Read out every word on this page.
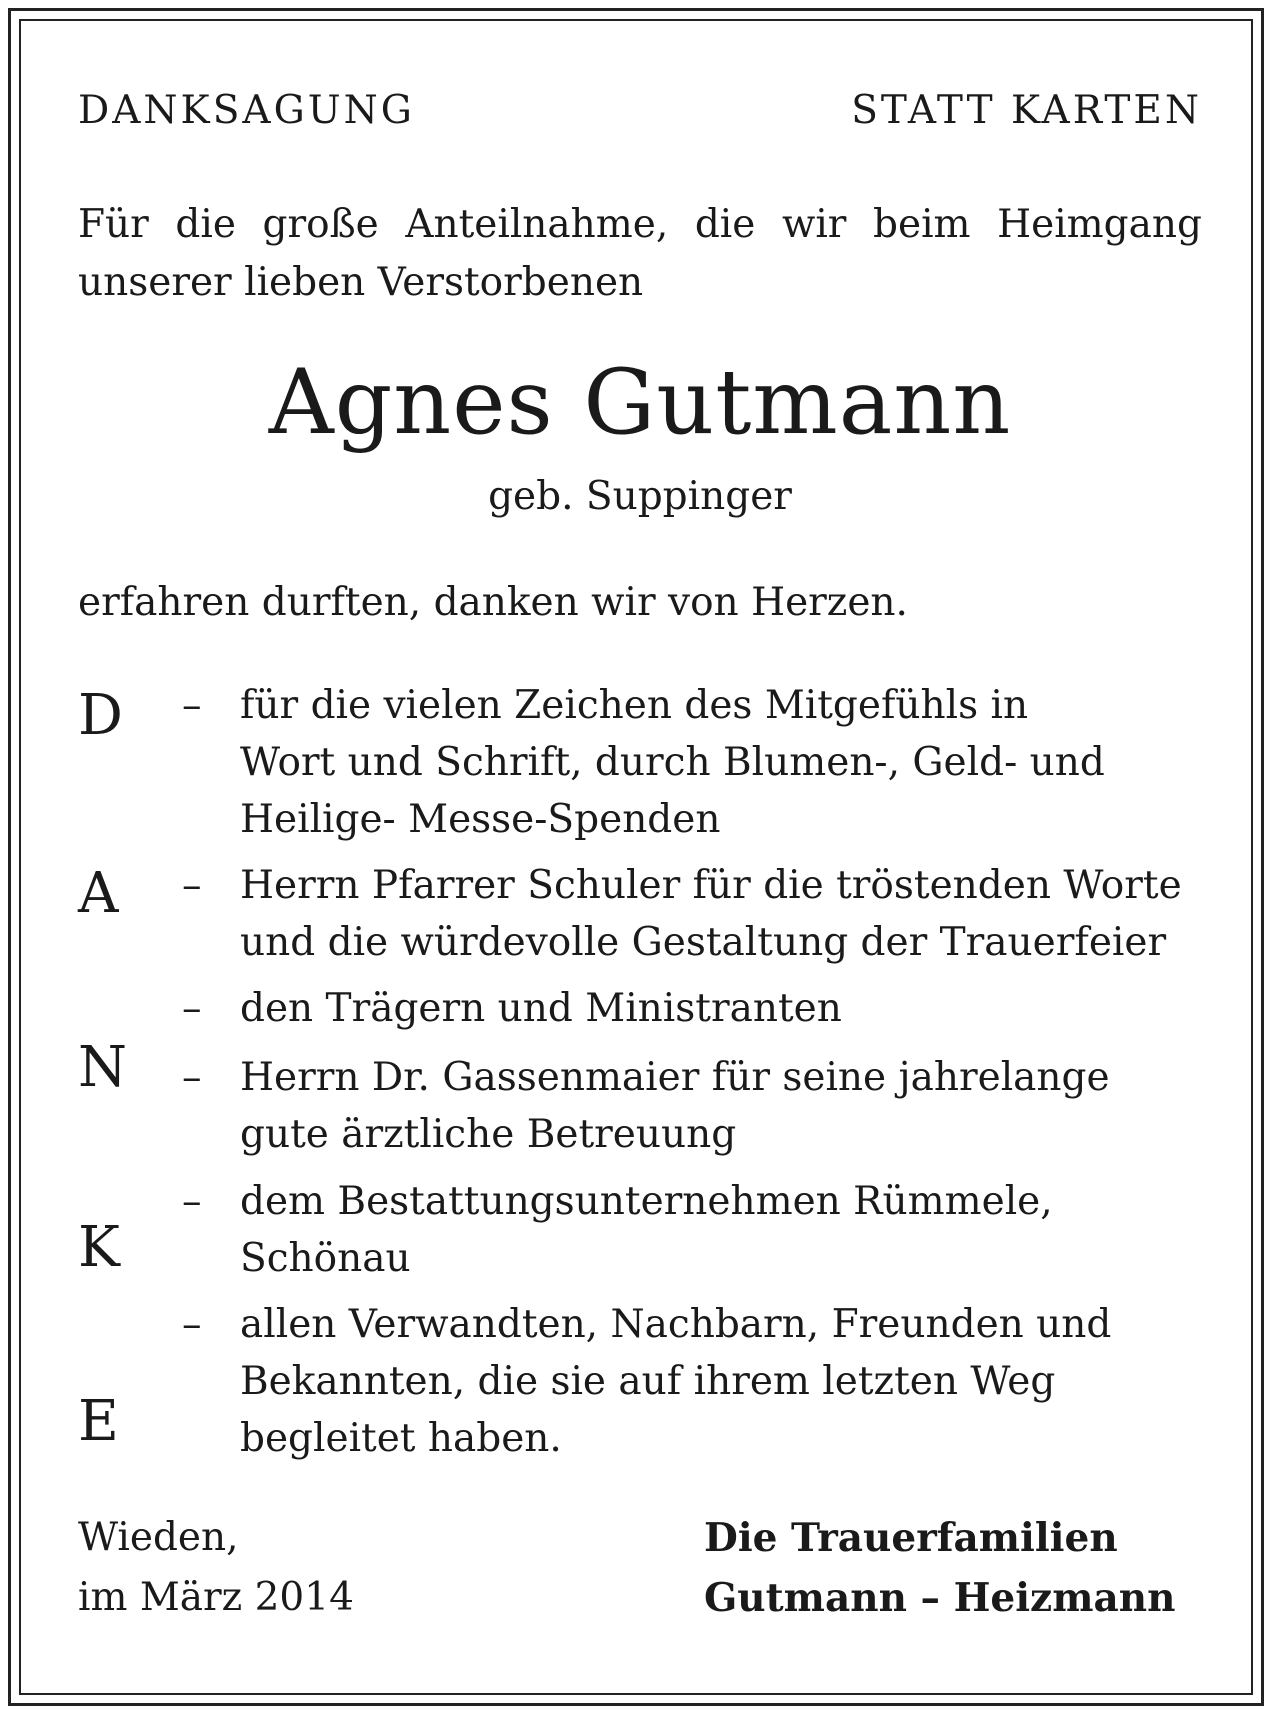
DANKSAGUNG	STATT KARTEN
Für die große Anteilnahme, die wir beim Heimgang
unserer lieben Verstorbenen
Agnes Gutmann
geb. Suppinger
erfahren durften, danken wir von Herzen.
D
A
N
K
E
– für die vielen Zeichen des Mitgefühls in
Wort und Schrift, durch Blumen-, Geld- und
Heilige- Messe-Spenden
– Herrn Pfarrer Schuler für die tröstenden Worte
und die würdevolle Gestaltung der Trauerfeier
– den Trägern und Ministranten
– Herrn Dr. Gassenmaier für seine jahrelange
gute ärztliche Betreuung
– dem Bestattungsunternehmen Rümmele,
Schönau
– allen Verwandten, Nachbarn, Freunden und
Bekannten, die sie auf ihrem letzten Weg
begleitet haben.
Wieden,
im März 2014
Die Trauerfamilien
Gutmann – Heizmann
